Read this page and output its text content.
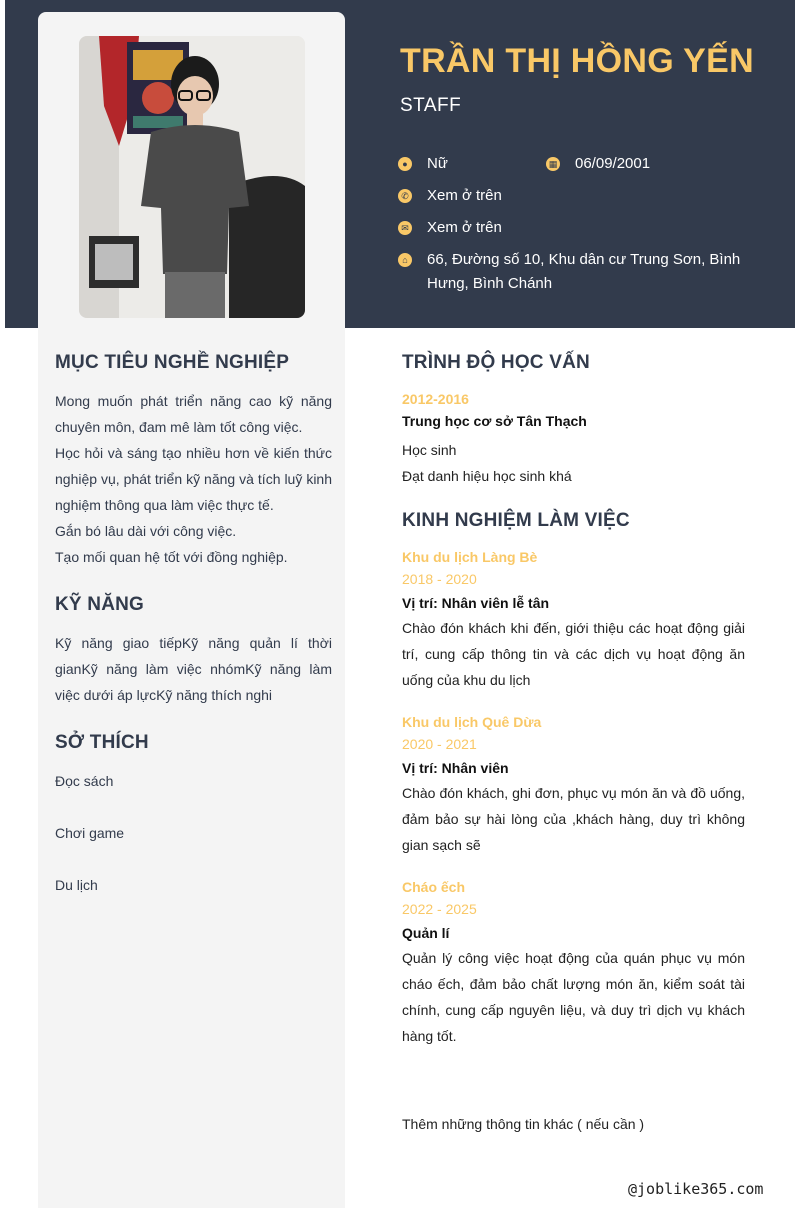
TRẦN THỊ HỒNG YẾN
STAFF
● Nữ	▦ 06/09/2001
✆ Xem ở trên
✉ Xem ở trên
⌂ 66, Đường số 10, Khu dân cư Trung Sơn, Bình Hưng, Bình Chánh
MỤC TIÊU NGHỀ NGHIỆP

Mong muốn phát triển năng cao kỹ năng chuyên môn, đam mê làm tốt công việc.

Học hỏi và sáng tạo nhiều hơn về kiến thức nghiệp vụ, phát triển kỹ năng và tích luỹ kinh nghiệm thông qua làm việc thực tế.

Gắn bó lâu dài với công việc.

Tạo mối quan hệ tốt với đồng nghiệp.

KỸ NĂNG
Kỹ năng giao tiếpKỹ năng quản lí thời gianKỹ năng làm việc nhómKỹ năng làm việc dưới áp lựcKỹ năng thích nghi
SỞ THÍCH
Đọc sách
Chơi game
Du lịch
TRÌNH ĐỘ HỌC VẤN
2012-2016
Trung học cơ sở Tân Thạch
Học sinh
Đạt danh hiệu học sinh khá
KINH NGHIỆM LÀM VIỆC
Khu du lịch Làng Bè
2018 - 2020
Vị trí: Nhân viên lễ tân
Chào đón khách khi đến, giới thiệu các hoạt động giải trí, cung cấp thông tin và các dịch vụ hoạt động ăn uống của khu du lịch
Khu du lịch Quê Dừa
2020 - 2021
Vị trí: Nhân viên
Chào đón khách, ghi đơn, phục vụ món ăn và đồ uống, đảm bảo sự hài lòng của ,khách hàng, duy trì không gian sạch sẽ
Cháo ếch
2022 - 2025
Quản lí
Quản lý công việc hoạt động của quán phục vụ món cháo ếch, đảm bảo chất lượng món ăn, kiểm soát tài chính, cung cấp nguyên liệu, và duy trì dịch vụ khách hàng tốt.
Thêm những thông tin khác ( nếu cần )
@joblike365.com
